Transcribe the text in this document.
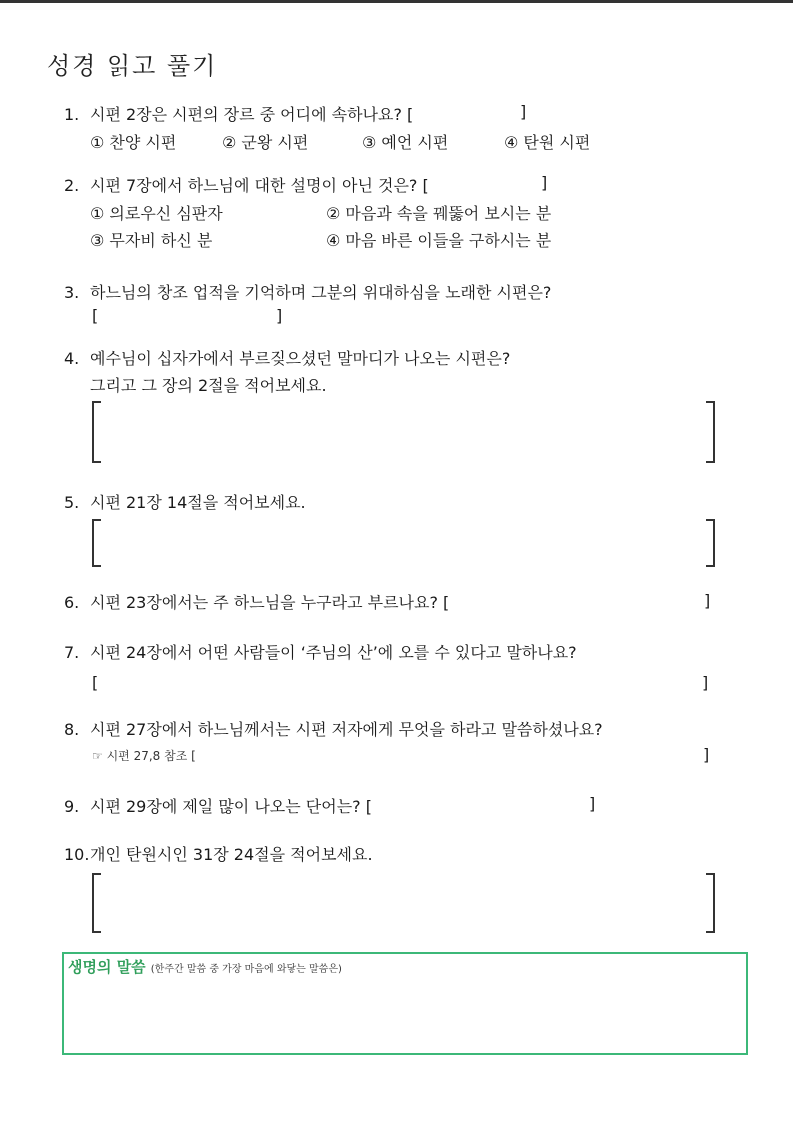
성경 읽고 풀기
1. 시편 2장은 시편의 장르 중 어디에 속하나요? [	]
① 찬양 시편	② 군왕 시편	③ 예언 시편	④ 탄원 시편
2. 시편 7장에서 하느님에 대한 설명이 아닌 것은? [	]
① 의로우신 심판자	② 마음과 속을 꿰뚫어 보시는 분
③ 무자비 하신 분	④ 마음 바른 이들을 구하시는 분
3. 하느님의 창조 업적을 기억하며 그분의 위대하심을 노래한 시편은?
[	]
4. 예수님이 십자가에서 부르짖으셨던 말마디가 나오는 시편은?
그리고 그 장의 2절을 적어보세요.
5. 시편 21장 14절을 적어보세요.
6. 시편 23장에서는 주 하느님을 누구라고 부르나요? [	]
7. 시편 24장에서 어떤 사람들이 ‘주님의 산’에 오를 수 있다고 말하나요?
[	]
8. 시편 27장에서 하느님께서는 시편 저자에게 무엇을 하라고 말씀하셨나요?
☞ 시편 27,8 참조 [	]
9. 시편 29장에 제일 많이 나오는 단어는? [	]
10.개인 탄원시인 31장 24절을 적어보세요.
생명의 말씀 (한주간 말씀 중 가장 마음에 와닿는 말씀은)
